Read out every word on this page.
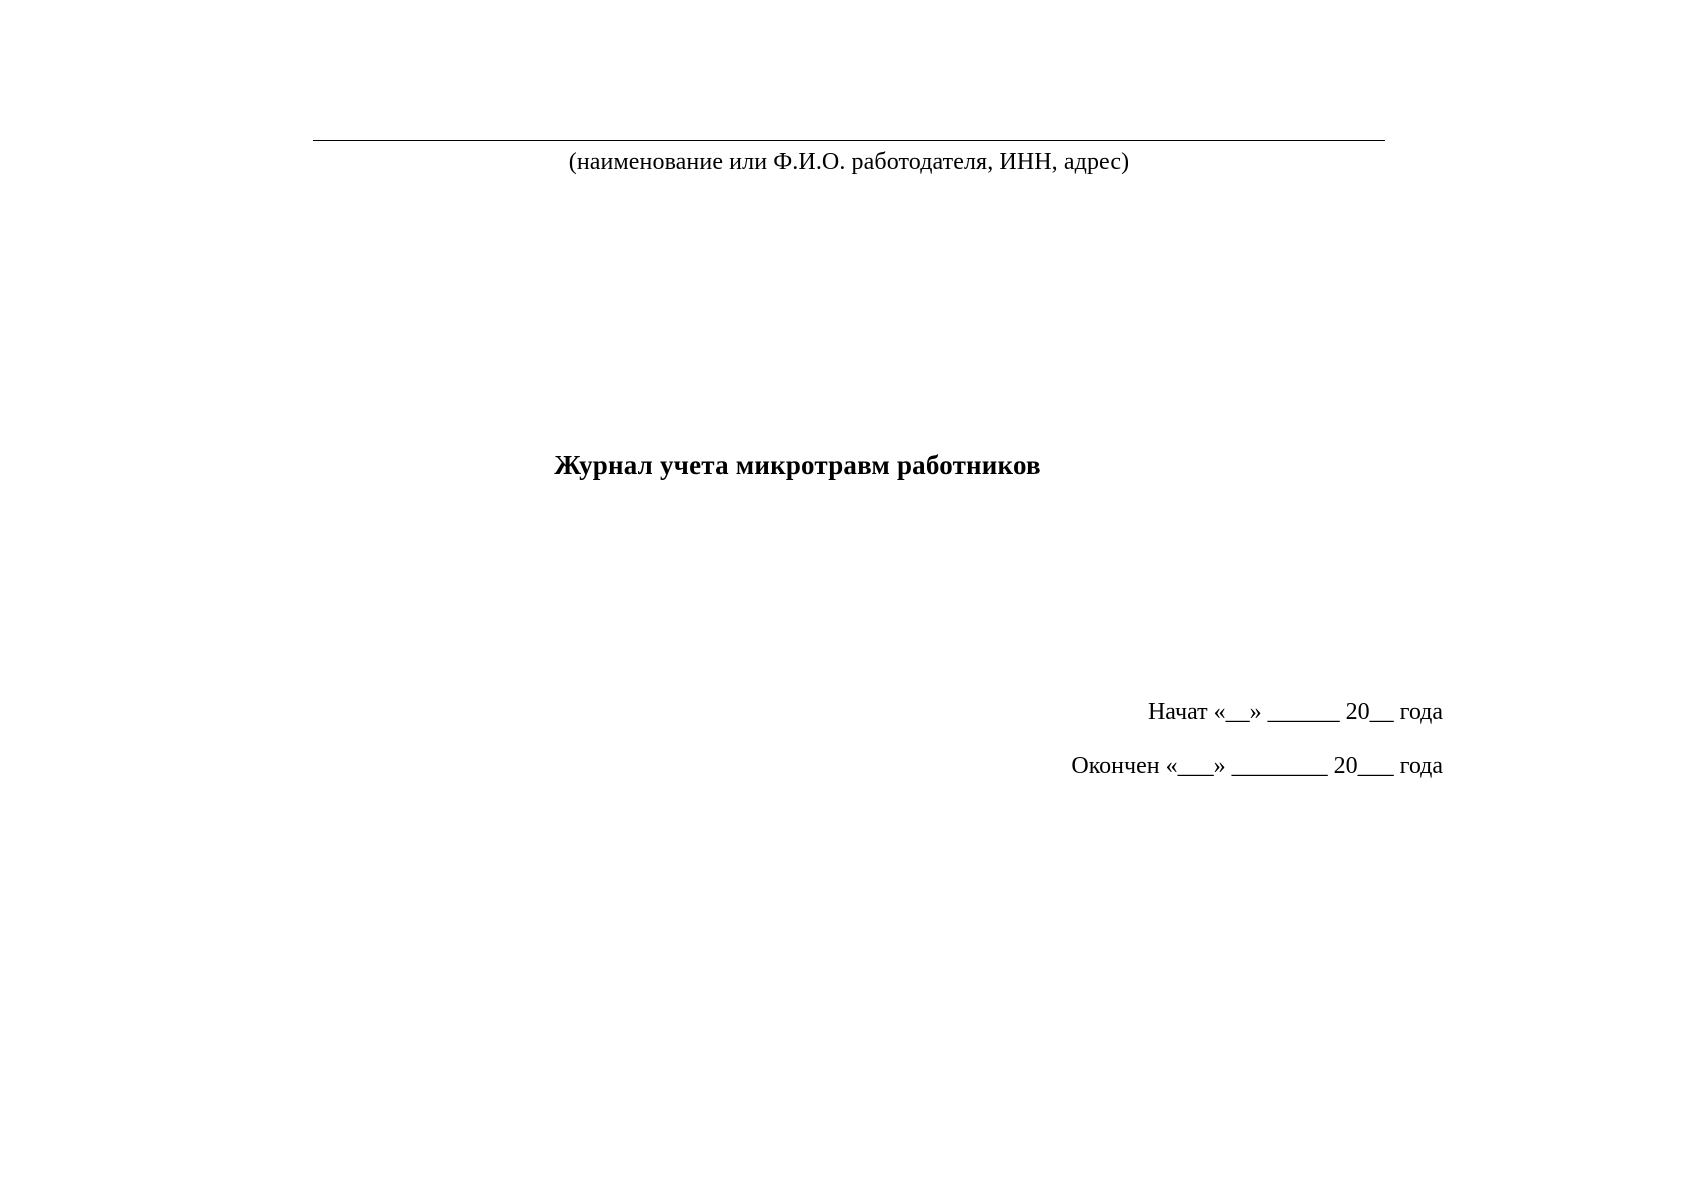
(наименование или Ф.И.О. работодателя, ИНН, адрес)
Журнал учета микротравм работников
Начат «__» ______ 20__ года
Окончен «___» ________ 20___ года
